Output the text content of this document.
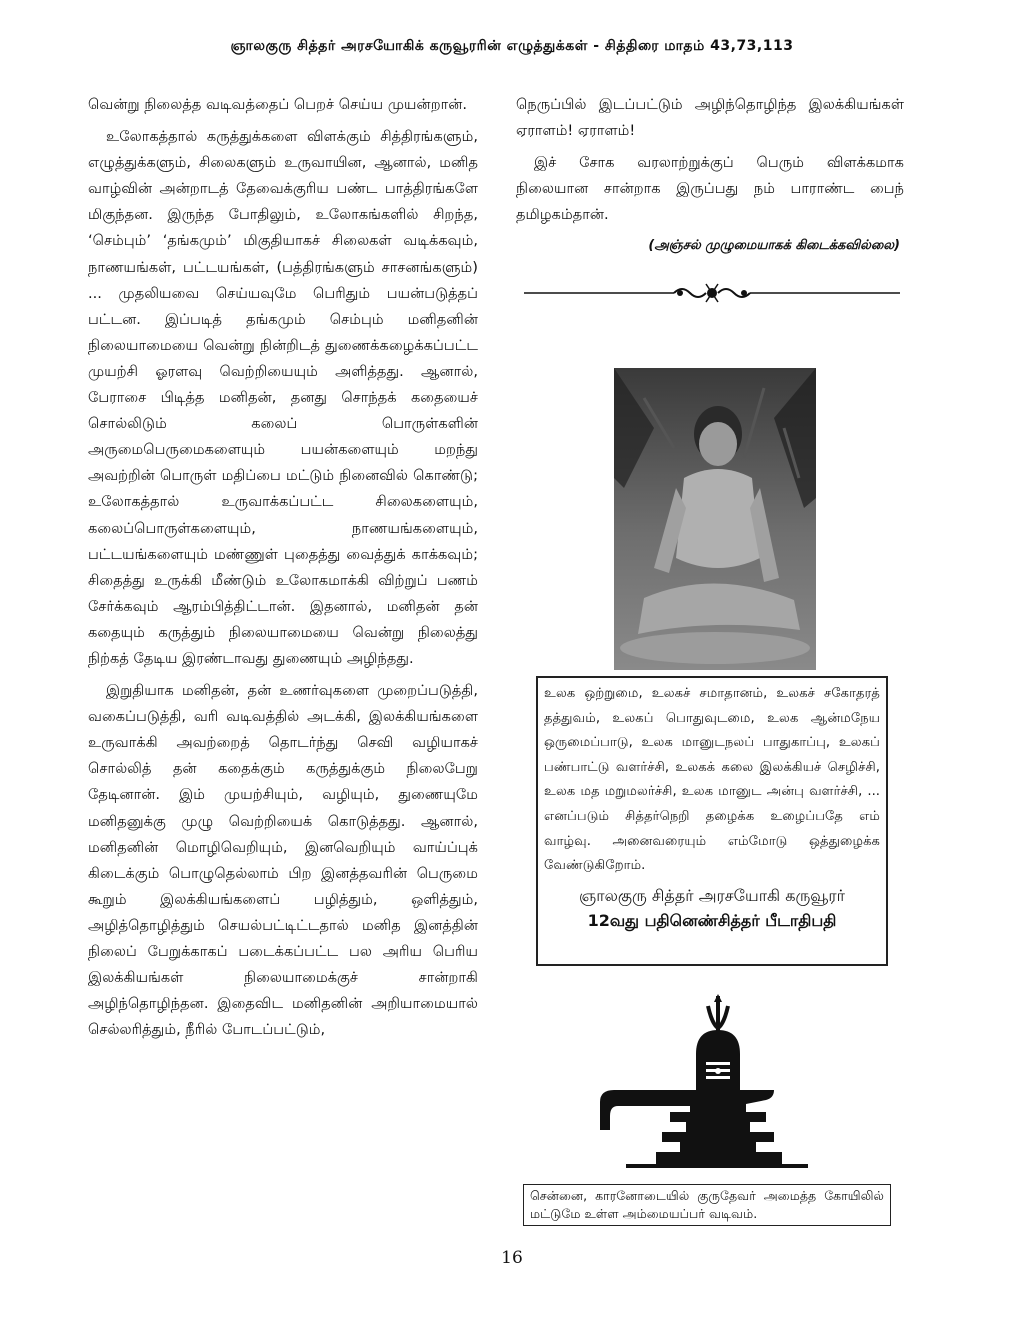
ஞாலகுரு சித்தர் அரசயோகிக் கருவூரரின் எழுத்துக்கள் - சித்திரை மாதம் 43,73,113

வென்று நிலைத்த வடிவத்தைப் பெறச் செய்ய முயன்றான்.

உலோகத்தால் கருத்துக்களை விளக்கும் சித்திரங்களும், எழுத்துக்களும், சிலைகளும் உருவாயின, ஆனால், மனித வாழ்வின் அன்றாடத் தேவைக்குரிய பண்ட பாத்திரங்களே மிகுந்தன. இருந்த போதிலும், உலோகங்களில் சிறந்த, ‘செம்பும்’ ‘தங்கமும்’ மிகுதியாகச் சிலைகள் வடிக்கவும், நாணயங்கள், பட்டயங்கள், (பத்திரங்களும் சாசனங்களும்) ... முதலியவை செய்யவுமே பெரிதும் பயன்படுத்தப் பட்டன. இப்படித் தங்கமும் செம்பும் மனிதனின் நிலையாமையை வென்று நின்றிடத் துணைக்கழைக்கப்பட்ட முயற்சி ஓரளவு வெற்றியையும் அளித்தது. ஆனால், பேராசை பிடித்த மனிதன், தனது சொந்தக் கதையைச் சொல்லிடும் கலைப் பொருள்களின் அருமைபெருமைகளையும் பயன்களையும் மறந்து அவற்றின் பொருள் மதிப்பை மட்டும் நினைவில் கொண்டு; உலோகத்தால் உருவாக்கப்பட்ட சிலைகளையும், கலைப்பொருள்களையும், நாணயங்களையும், பட்டயங்களையும் மண்ணுள் புதைத்து வைத்துக் காக்கவும்; சிதைத்து உருக்கி மீண்டும் உலோகமாக்கி விற்றுப் பணம் சேர்க்கவும் ஆரம்பித்திட்டான். இதனால், மனிதன் தன் கதையும் கருத்தும் நிலையாமையை வென்று நிலைத்து நிற்கத் தேடிய இரண்டாவது துணையும் அழிந்தது.

இறுதியாக மனிதன், தன் உணர்வுகளை முறைப்படுத்தி, வகைப்படுத்தி, வரி வடிவத்தில் அடக்கி, இலக்கியங்களை உருவாக்கி அவற்றைத் தொடர்ந்து செவி வழியாகச் சொல்லித் தன் கதைக்கும் கருத்துக்கும் நிலைபேறு தேடினான். இம் முயற்சியும், வழியும், துணையுமே மனிதனுக்கு முழு வெற்றியைக் கொடுத்தது. ஆனால், மனிதனின் மொழிவெறியும், இனவெறியும் வாய்ப்புக் கிடைக்கும் பொழுதெல்லாம் பிற இனத்தவரின் பெருமை கூறும் இலக்கியங்களைப் பழித்தும், ஒளித்தும், அழித்தொழித்தும் செயல்பட்டிட்டதால் மனித இனத்தின் நிலைப் பேறுக்காகப் படைக்கப்பட்ட பல அரிய பெரிய இலக்கியங்கள் நிலையாமைக்குச் சான்றாகி அழிந்தொழிந்தன. இதைவிட மனிதனின் அறியாமையால் செல்லரித்தும், நீரில் போடப்பட்டும்,

நெருப்பில் இடப்பட்டும் அழிந்தொழிந்த இலக்கியங்கள் ஏராளம்! ஏராளம்!

இச் சோக வரலாற்றுக்குப் பெரும் விளக்கமாக நிலையான சான்றாக இருப்பது நம் பாராண்ட பைந் தமிழகம்தான்.

(அஞ்சல் முழுமையாகக் கிடைக்கவில்லை)

உலக ஒற்றுமை, உலகச் சமாதானம், உலகச் சகோதரத் தத்துவம், உலகப் பொதுவுடமை, உலக ஆன்மநேய ஒருமைப்பாடு, உலக மானுடநலப் பாதுகாப்பு, உலகப் பண்பாட்டு வளர்ச்சி, உலகக் கலை இலக்கியச் செழிச்சி, உலக மத மறுமலர்ச்சி, உலக மானுட அன்பு வளர்ச்சி, ... எனப்படும் சித்தர்நெறி தழைக்க உழைப்பதே எம் வாழ்வு. அனைவரையும் எம்மோடு ஒத்துழைக்க வேண்டுகிறோம்.

ஞாலகுரு சித்தர் அரசயோகி கருவூரர்
12வது பதினெண்சித்தர் பீடாதிபதி
சென்னை, காரனோடையில் குருதேவர் அமைத்த கோயிலில் மட்டுமே உள்ள அம்மையப்பர் வடிவம்.
16
